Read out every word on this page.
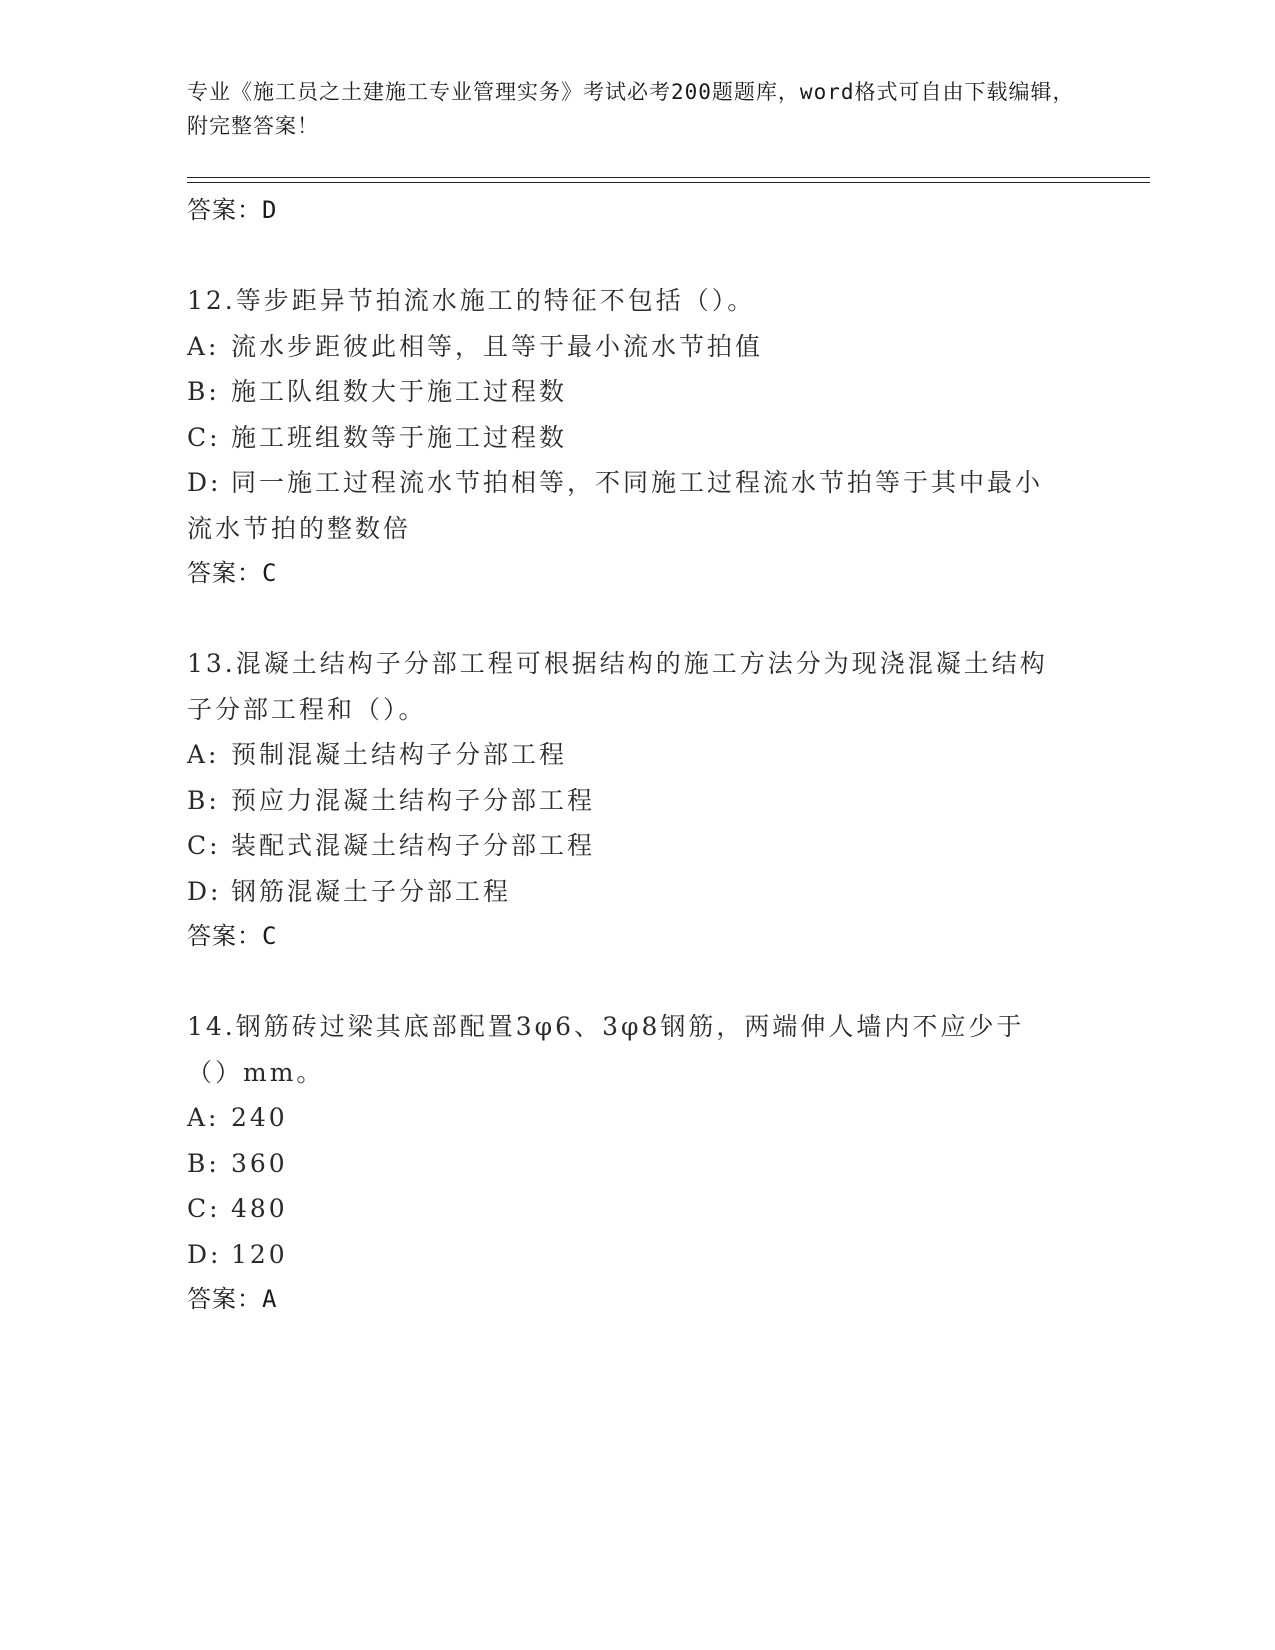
专业《施工员之土建施工专业管理实务》考试必考200题题库，word格式可自由下载编辑，附完整答案！

答案：D

12.等步距异节拍流水施工的特征不包括（）。

A: 流水步距彼此相等，且等于最小流水节拍值

B: 施工队组数大于施工过程数

C: 施工班组数等于施工过程数

D: 同一施工过程流水节拍相等，不同施工过程流水节拍等于其中最小流水节拍的整数倍

答案：C

13.混凝土结构子分部工程可根据结构的施工方法分为现浇混凝土结构子分部工程和（）。

A: 预制混凝土结构子分部工程

B: 预应力混凝土结构子分部工程

C: 装配式混凝土结构子分部工程

D: 钢筋混凝土子分部工程

答案：C

14.钢筋砖过梁其底部配置3φ6、3φ8钢筋，两端伸人墙内不应少于（）mm。

A: 240

B: 360

C: 480

D: 120

答案：A
